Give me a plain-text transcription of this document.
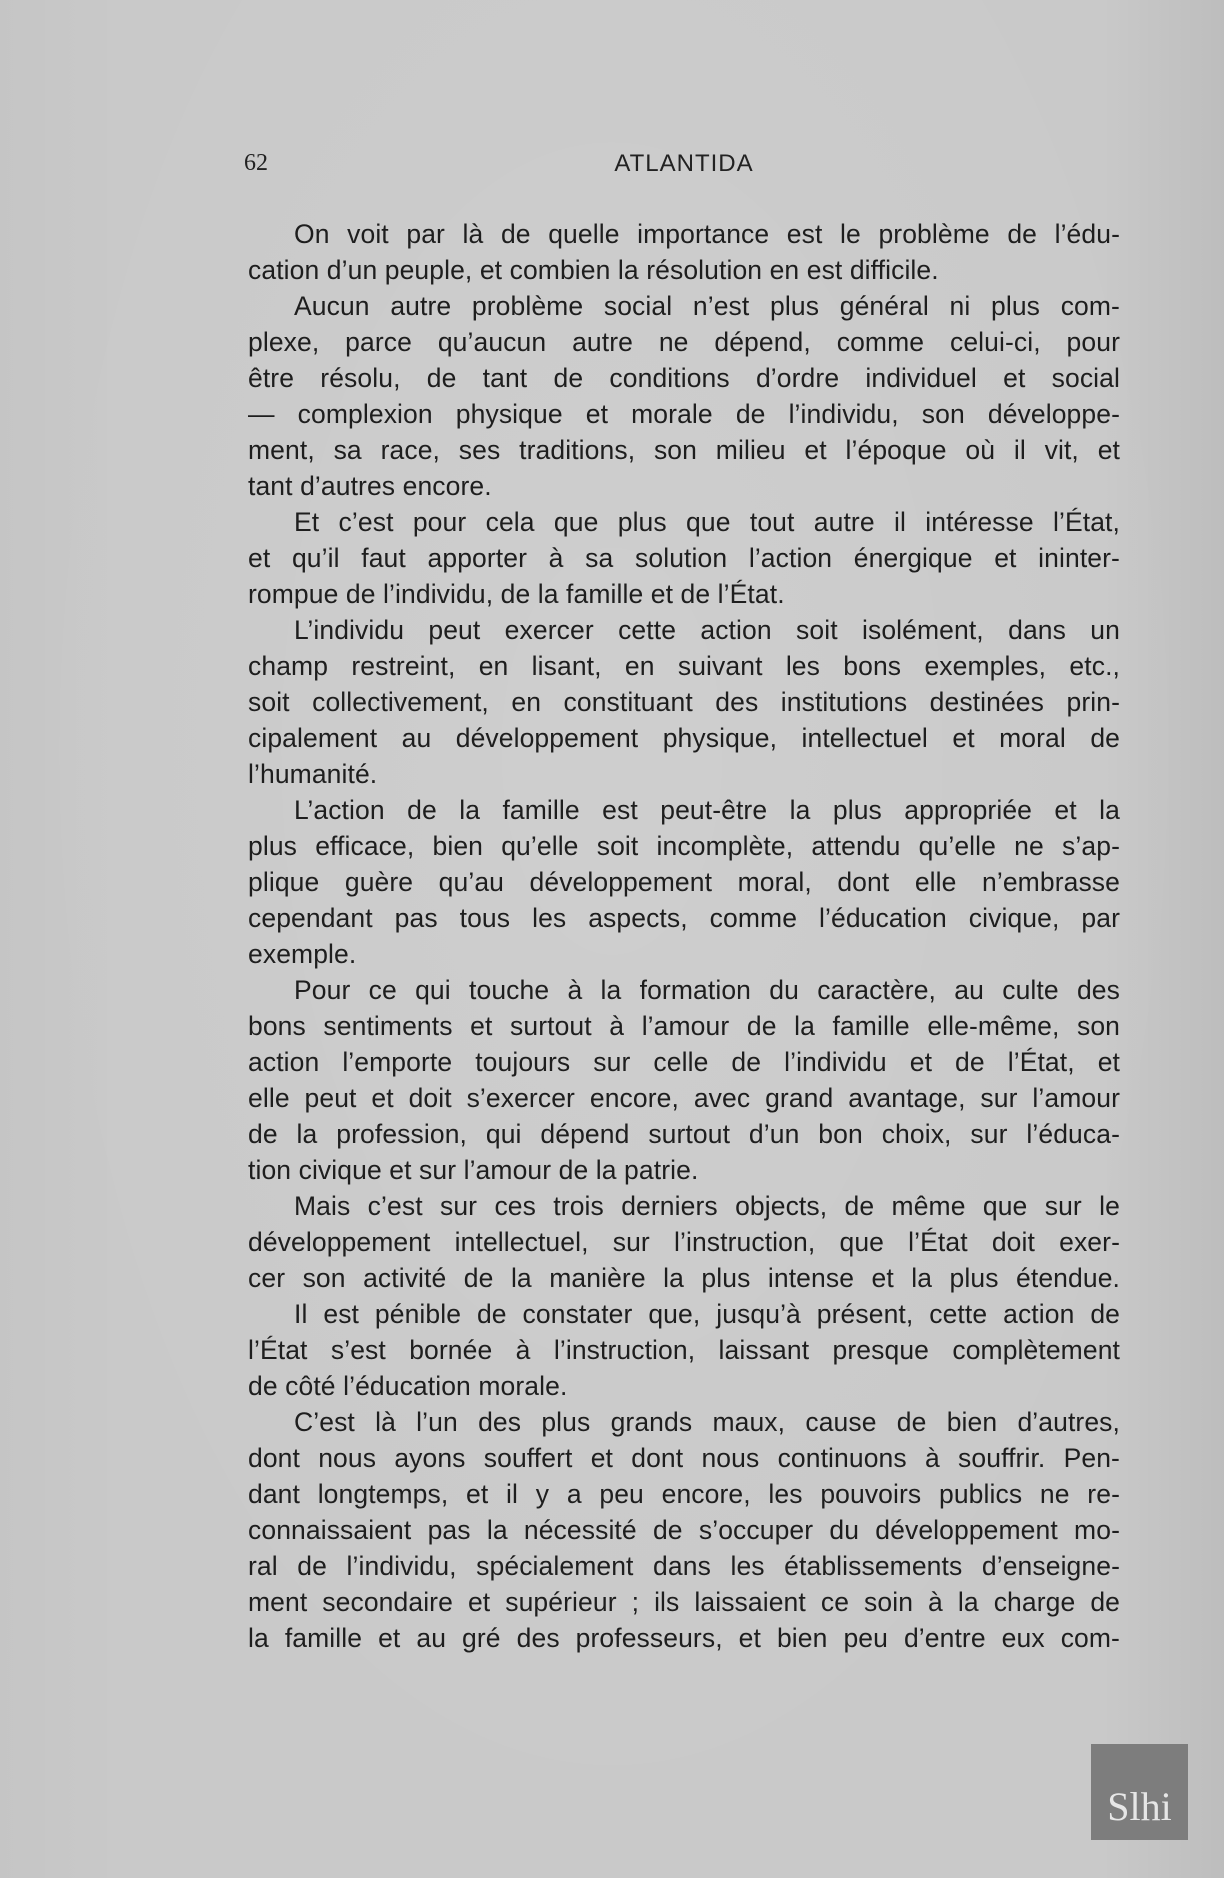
62	ATLANTIDA
On voit par là de quelle importance est le problème de l’édu-
cation d’un peuple, et combien la résolution en est difficile.
Aucun autre problème social n’est plus général ni plus com-
plexe, parce qu’aucun autre ne dépend, comme celui-ci, pour
être résolu, de tant de conditions d’ordre individuel et social
— complexion physique et morale de l’individu, son développe-
ment, sa race, ses traditions, son milieu et l’époque où il vit, et
tant d’autres encore.
Et c’est pour cela que plus que tout autre il intéresse l’État,
et qu’il faut apporter à sa solution l’action énergique et ininter-
rompue de l’individu, de la famille et de l’État.
L’individu peut exercer cette action soit isolément, dans un
champ restreint, en lisant, en suivant les bons exemples, etc.,
soit collectivement, en constituant des institutions destinées prin-
cipalement au développement physique, intellectuel et moral de
l’humanité.
L’action de la famille est peut-être la plus appropriée et la
plus efficace, bien qu’elle soit incomplète, attendu qu’elle ne s’ap-
plique guère qu’au développement moral, dont elle n’embrasse
cependant pas tous les aspects, comme l’éducation civique, par
exemple.
Pour ce qui touche à la formation du caractère, au culte des
bons sentiments et surtout à l’amour de la famille elle-même, son
action l’emporte toujours sur celle de l’individu et de l’État, et
elle peut et doit s’exercer encore, avec grand avantage, sur l’amour
de la profession, qui dépend surtout d’un bon choix, sur l’éduca-
tion civique et sur l’amour de la patrie.
Mais c’est sur ces trois derniers objects, de même que sur le
développement intellectuel, sur l’instruction, que l’État doit exer-
cer son activité de la manière la plus intense et la plus étendue.
Il est pénible de constater que, jusqu’à présent, cette action de
l’État s’est bornée à l’instruction, laissant presque complètement
de côté l’éducation morale.
C’est là l’un des plus grands maux, cause de bien d’autres,
dont nous ayons souffert et dont nous continuons à souffrir. Pen-
dant longtemps, et il y a peu encore, les pouvoirs publics ne re-
connaissaient pas la nécessité de s’occuper du développement mo-
ral de l’individu, spécialement dans les établissements d’enseigne-
ment secondaire et supérieur ; ils laissaient ce soin à la charge de
la famille et au gré des professeurs, et bien peu d’entre eux com-
Slhi
